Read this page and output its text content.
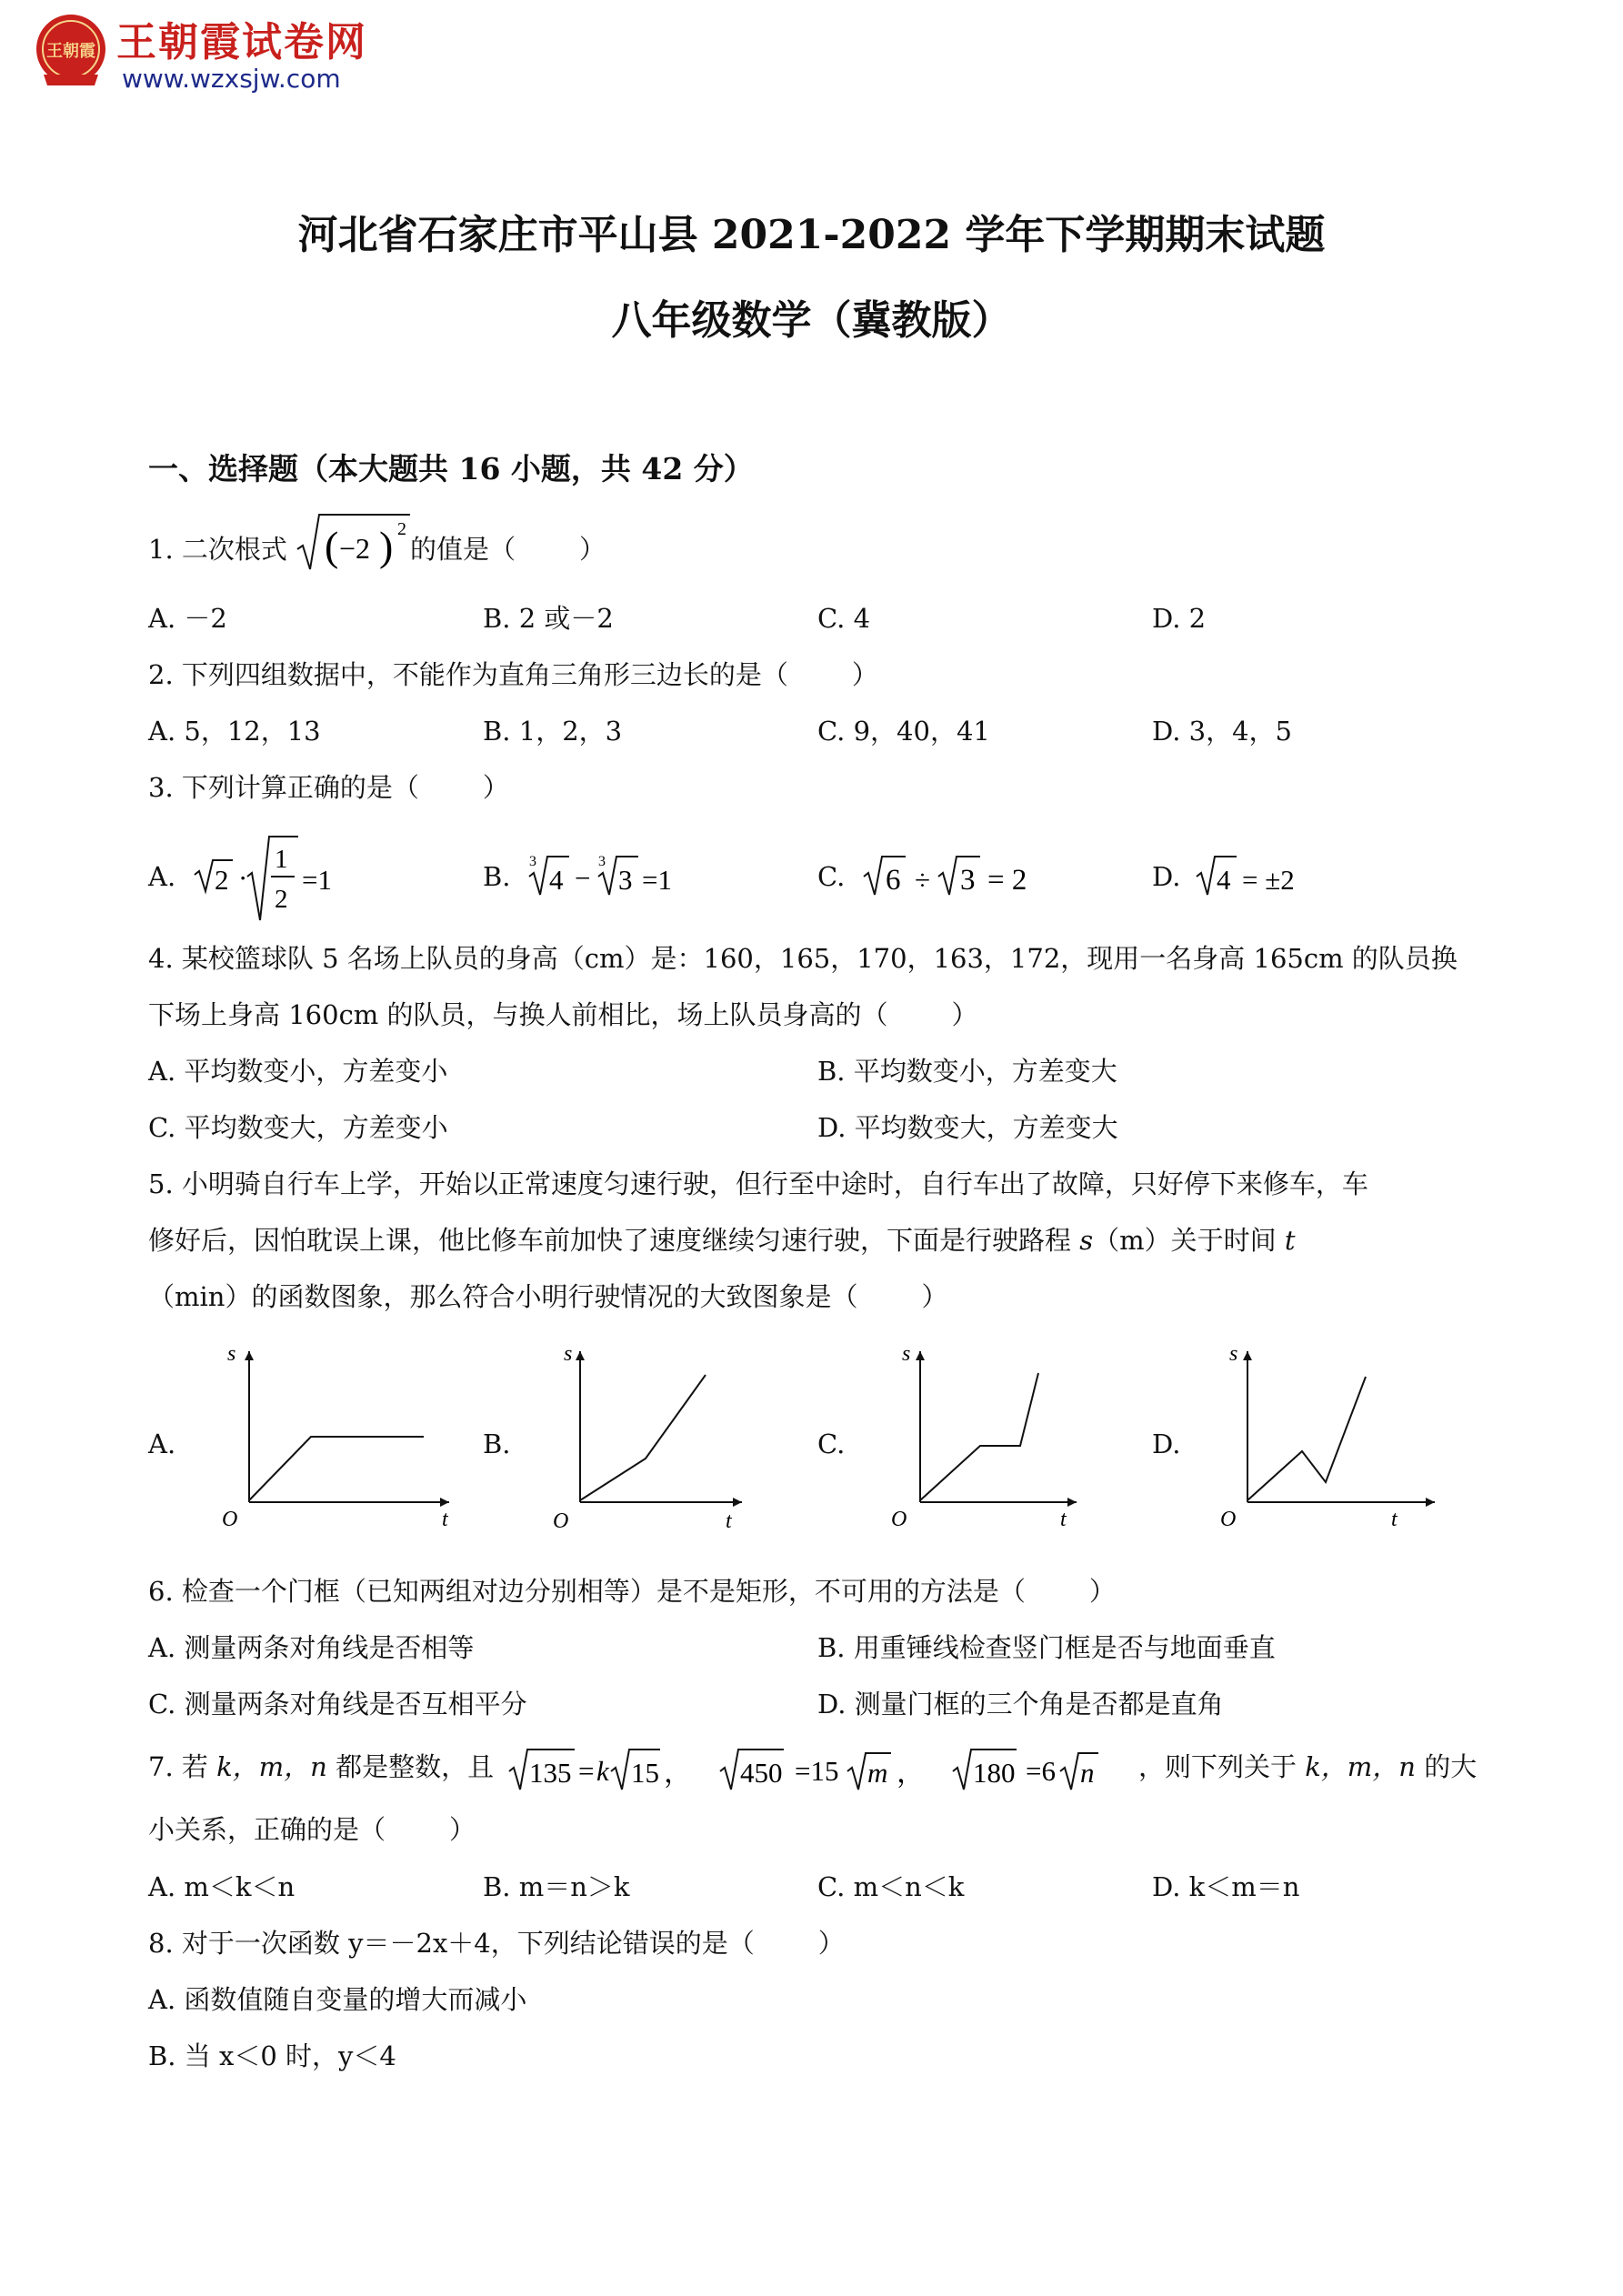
王朝霞 王朝霞试卷网
www.wzxsjw.com
河北省石家庄市平山县 2021-2022 学年下学期期末试题
八年级数学（冀教版）
一、选择题（本大题共 16 小题，共 42 分）
1. 二次根式 ( −2 ) 2
的值是（ ）
A. －2	B. 2 或－2	C. 4	D. 2
2. 下列四组数据中，不能作为直角三角形三边长的是（ ）
A. 5，12，13	B. 1，2，3	C. 9，40，41	D. 3，4，5
3. 下列计算正确的是（ ）
A. 2 ·
1
2
=1	B. 3
4 −
3
3 =1	C. 6 ÷ 3 = 2	D. 4 = ±2
4. 某校篮球队 5 名场上队员的身高（cm）是：160，165，170，163，172，现用一名身高 165cm 的队员换
下场上身高 160cm 的队员，与换人前相比，场上队员身高的（ ）
A. 平均数变小，方差变小	B. 平均数变小，方差变大
C. 平均数变大，方差变小	D. 平均数变大，方差变大
5. 小明骑自行车上学，开始以正常速度匀速行驶，但行至中途时，自行车出了故障，只好停下来修车，车
修好后，因怕耽误上课，他比修车前加快了速度继续匀速行驶，下面是行驶路程 s（m）关于时间 t
（min）的函数图象，那么符合小明行驶情况的大致图象是（ ）
A.
s
t
O
B.
s
t
O
C.
s
t
O
D.
s
t
O
6. 检查一个门框（已知两组对边分别相等）是不是矩形，不可用的方法是（ ）
A. 测量两条对角线是否相等	B. 用重锤线检查竖门框是否与地面垂直
C. 测量两条对角线是否互相平分	D. 测量门框的三个角是否都是直角
7. 若 k，m，n 都是整数，且 135 = k 15 ， 450 =15 m ， 180 =6 n ，则下列关于 k，m，n 的大
小关系，正确的是（ ）
A. m＜k＜n	B. m＝n＞k	C. m＜n＜k	D. k＜m＝n
8. 对于一次函数 y＝－2x＋4，下列结论错误的是（ ）
A. 函数值随自变量的增大而减小
B. 当 x＜0 时，y＜4
